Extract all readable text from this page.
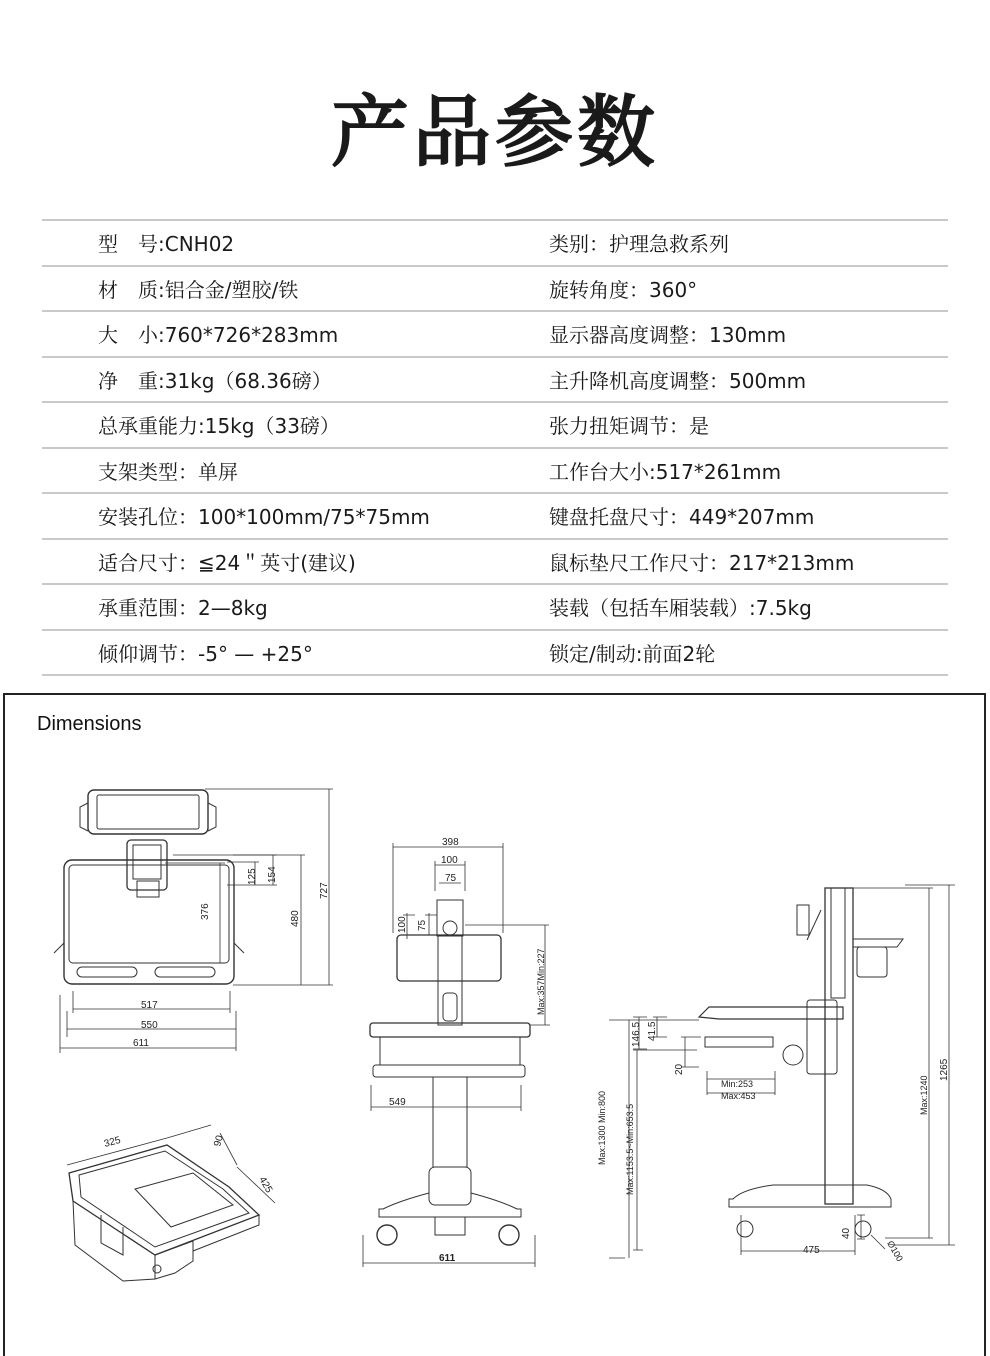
产品参数
型　号:CNH02	类别：护理急救系列
材　质:铝合金/塑胶/铁	旋转角度：360°
大　小:760*726*283mm	显示器高度调整：130mm
净　重:31kg（68.36磅）	主升降机高度调整：500mm
总承重能力:15kg（33磅）	张力扭矩调节：是
支架类型：单屏	工作台大小:517*261mm
安装孔位：100*100mm/75*75mm	键盘托盘尺寸：449*207mm
适合尺寸：≦24＂英寸(建议)	鼠标垫尺工作尺寸：217*213mm
承重范围：2—8kg	装载（包括车厢装载）:7.5kg
倾仰调节：-5° — +25°	锁定/制动:前面2轮
Dimensions
517
550
611
125 154
376	480
727
398
100
75
100 75
Max:357Min:227
549
611
325	90
425
146.5 41.5
20
Min:253
Max:453
Max:1300 Min:800 Max:1153.5~Min:653.5
Max:1240
1265
475
40
Ø100
